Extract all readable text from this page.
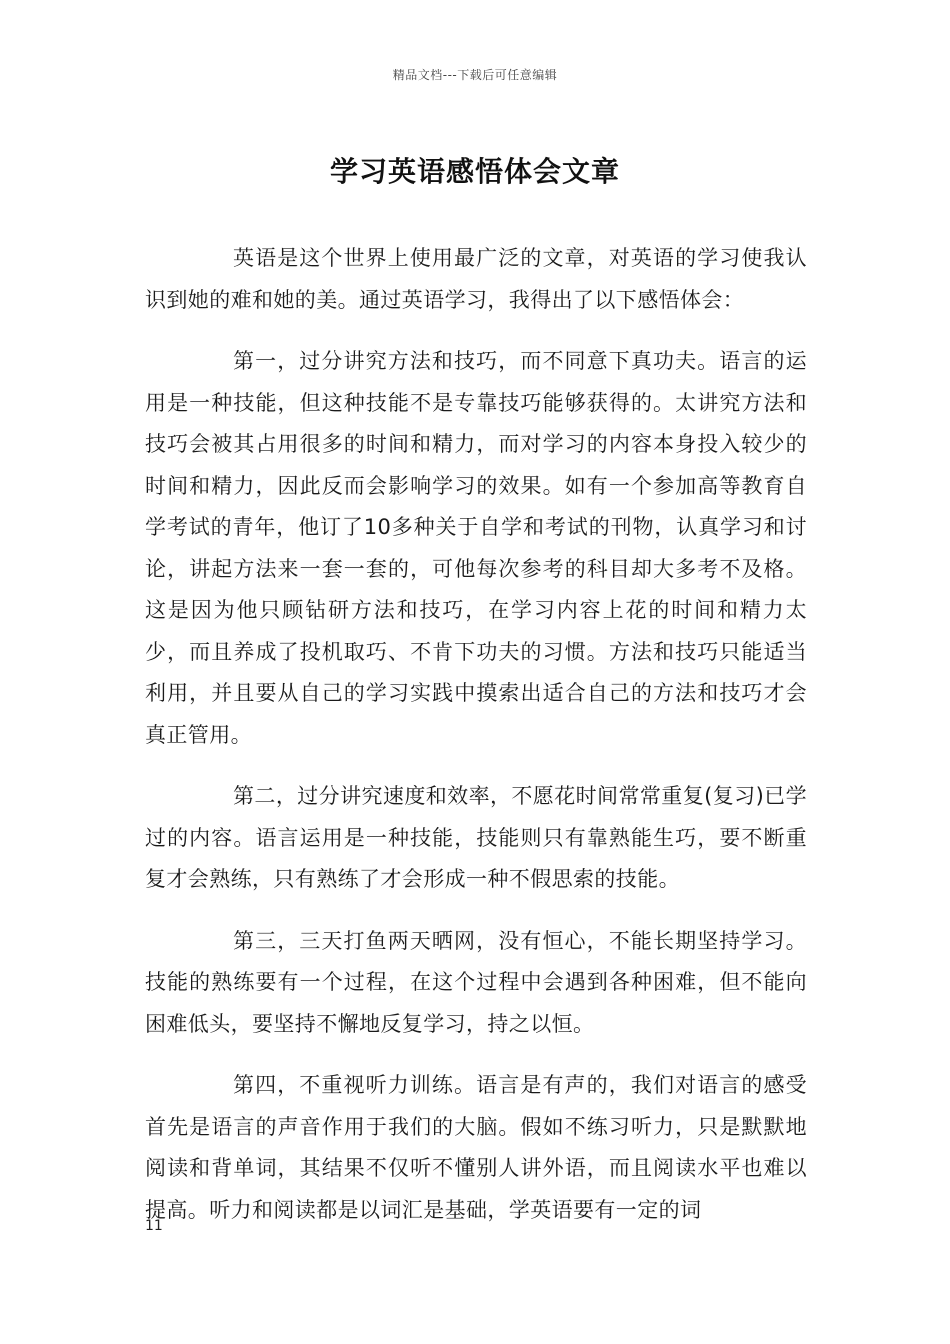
精品文档---下载后可任意编辑
学习英语感悟体会文章

英语是这个世界上使用最广泛的文章，对英语的学习使我认识到她的难和她的美。通过英语学习，我得出了以下感悟体会：

第一，过分讲究方法和技巧，而不同意下真功夫。语言的运用是一种技能，但这种技能不是专靠技巧能够获得的。太讲究方法和技巧会被其占用很多的时间和精力，而对学习的内容本身投入较少的时间和精力，因此反而会影响学习的效果。如有一个参加高等教育自学考试的青年，他订了10多种关于自学和考试的刊物，认真学习和讨论，讲起方法来一套一套的，可他每次参考的科目却大多考不及格。这是因为他只顾钻研方法和技巧，在学习内容上花的时间和精力太少，而且养成了投机取巧、不肯下功夫的习惯。方法和技巧只能适当利用，并且要从自己的学习实践中摸索出适合自己的方法和技巧才会真正管用。

第二，过分讲究速度和效率，不愿花时间常常重复(复习)已学过的内容。语言运用是一种技能，技能则只有靠熟能生巧，要不断重复才会熟练，只有熟练了才会形成一种不假思索的技能。

第三，三天打鱼两天晒网，没有恒心，不能长期坚持学习。技能的熟练要有一个过程，在这个过程中会遇到各种困难，但不能向困难低头，要坚持不懈地反复学习，持之以恒。

第四，不重视听力训练。语言是有声的，我们对语言的感受首先是语言的声音作用于我们的大脑。假如不练习听力，只是默默地阅读和背单词，其结果不仅听不懂别人讲外语，而且阅读水平也难以提高。听力和阅读都是以词汇是基础，学英语要有一定的词

11
